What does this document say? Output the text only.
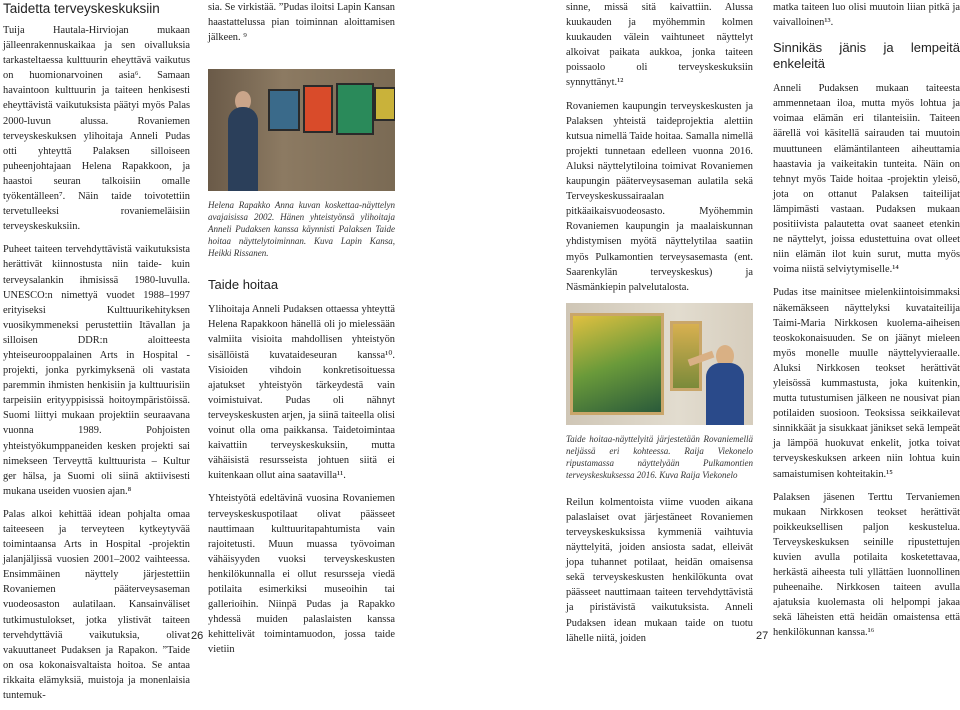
Taidetta terveyskeskuksiin

Tuija Hautala-Hirviojan mukaan jälleenrakennuskaikaa ja sen oivalluksia tarkasteltaessa kulttuurin eheyttävä vaikutus on huomionarvoinen asia⁶. Samaan havaintoon kulttuurin ja taiteen henkisesti eheyttävistä vaikutuksista päätyi myös Palas 2000-luvun alussa. Rovaniemen terveyskeskuksen ylihoitaja Anneli Pudas otti yhteyttä Palaksen silloiseen puheenjohtajaan Helena Rapakkoon, ja haastoi seuran talkoisiin omalle työkentälleen⁷. Näin taide toivotettiin tervetulleeksi rovaniemeläisiin terveyskeskuksiin.

Puheet taiteen tervehdyttävistä vaikutuksista herättivät kiinnostusta niin taide- kuin terveysalankin ihmisissä 1980-luvulla. UNESCO:n nimettyä vuodet 1988–1997 erityiseksi Kulttuurikehityksen vuosikymmeneksi perustettiin Itävallan ja silloisen DDR:n aloitteesta yhteiseurooppalainen Arts in Hospital -projekti, jonka pyrkimyksenä oli vastata paremmin ihmisten henkisiin ja kulttuurisiin tarpeisiin erityyppisissä hoitoympäristöissä. Suomi liittyi mukaan projektiin seuraavana vuonna 1989. Pohjoisten yhteistyökumppaneiden kesken projekti sai nimekseen Terveyttä kulttuurista – Kultur ger hälsa, ja Suomi oli siinä aktiivisesti mukana useiden vuosien ajan.⁸

Palas alkoi kehittää idean pohjalta omaa taiteeseen ja terveyteen kytkeytyvää toimintaansa Arts in Hospital -projektin jalanjäljissä vuosien 2001–2002 vaihteessa. Ensimmäinen näyttely järjestettiin Rovaniemen pääterveysaseman vuodeosaston aulatilaan. Kansainväliset tutkimustulokset, jotka ylistivät taiteen tervehdyttäviä vaikutuksia, olivat vakuuttaneet Pudaksen ja Rapakon. ”Taide on osa kokonaisvaltaista hoitoa. Se antaa rikkaita elämyksiä, muistoja ja monenlaisia tuntemuk-

sia. Se virkistää. ”Pudas iloitsi Lapin Kansan haastattelussa pian toiminnan aloittamisen jälkeen. ⁹

Helena Rapakko Anna kuvan koskettaa-näyttelyn avajaisissa 2002. Hänen yhteistyönsä ylihoitaja Anneli Pudaksen kanssa käynnisti Palaksen Taide hoitaa näyttelytoiminnan. Kuva Lapin Kansa, Heikki Rissanen.
Taide hoitaa

Ylihoitaja Anneli Pudaksen ottaessa yhteyttä Helena Rapakkoon hänellä oli jo mielessään valmiita visioita mahdollisen yhteistyön sisällöistä kuvataideseuran kanssa¹⁰. Visioiden vihdoin konkretisoituessa ajatukset yhteistyön tärkeydestä vain voimistuivat. Pudas oli nähnyt terveyskeskusten arjen, ja siinä taiteella olisi voinut olla oma paikkansa. Taidetoimintaa kaivattiin terveyskeskuksiin, mutta vähäisistä resursseista johtuen siitä ei kuitenkaan ollut aina saatavilla¹¹.

Yhteistyötä edeltävinä vuosina Rovaniemen terveyskeskuspotilaat olivat päässeet nauttimaan kulttuuritapahtumista vain rajoitetusti. Muun muassa työvoiman vähäisyyden vuoksi terveyskeskusten henkilökunnalla ei ollut resursseja viedä potilaita esimerkiksi museoihin tai gallerioihin. Niinpä Pudas ja Rapakko yhdessä muiden palaslaisten kanssa kehittelivät toimintamuodon, jossa taide vietiin

sinne, missä sitä kaivattiin. Alussa kuukauden ja myöhemmin kolmen kuukauden välein vaihtuneet näyttelyt alkoivat paikata aukkoa, jonka taiteen poissaolo oli terveyskeskuksiin synnyttänyt.¹²

Rovaniemen kaupungin terveyskeskusten ja Palaksen yhteistä taideprojektia alettiin kutsua nimellä Taide hoitaa. Samalla nimellä projekti tunnetaan edelleen vuonna 2016. Aluksi näyttelytiloina toimivat Rovaniemen kaupungin pääterveysaseman aulatila sekä Terveyskeskussairaalan pitkäaikaisvuodeosasto. Myöhemmin Rovaniemen kaupungin ja maalaiskunnan yhdistymisen myötä näyttelytilaa saatiin myös Pulkamontien terveysasemasta (ent. Saarenkylän terveyskeskus) ja Näsmänkiepin palvelutalosta.

Taide hoitaa-näyttelyitä järjestetään Rovaniemellä neljässä eri kohteessa. Raija Viekonelo ripustamassa näyttelyään Pulkamontien terveyskeskuksessa 2016. Kuva Raija Viekonelo

Reilun kolmentoista viime vuoden aikana palaslaiset ovat järjestäneet Rovaniemen terveyskeskuksissa kymmeniä vaihtuvia näyttelyitä, joiden ansiosta sadat, elleivät jopa tuhannet potilaat, heidän omaisensa sekä terveyskeskusten henkilökunta ovat päässeet nauttimaan taiteen tervehdyttävistä ja piristävistä vaikutuksista. Anneli Pudaksen idean mukaan taide on tuotu lähelle niitä, joiden

matka taiteen luo olisi muutoin liian pitkä ja vaivalloinen¹³.

Sinnikäs jänis ja lempeitä enkeleitä

Anneli Pudaksen mukaan taiteesta ammennetaan iloa, mutta myös lohtua ja voimaa elämän eri tilanteisiin. Taiteen äärellä voi käsitellä sairauden tai muutoin muuttuneen elämäntilanteen aiheuttamia haastavia ja vaikeitakin tunteita. Näin on tehnyt myös Taide hoitaa -projektin yleisö, jota on ottanut Palaksen taiteilijat lämpimästi vastaan. Pudaksen mukaan positiivista palautetta ovat saaneet etenkin ne näyttelyt, joissa edustettuina ovat olleet niin elämän ilot kuin surut, mutta myös voima niistä selviytymiselle.¹⁴

Pudas itse mainitsee mielenkiintoisimmaksi näkemäkseen näyttelyksi kuvataiteilija Taimi-Maria Nirkkosen kuolema-aiheisen teoskokonaisuuden. Se on jäänyt mieleen myös monelle muulle näyttelyvieraalle. Aluksi Nirkkosen teokset herättivät yleisössä kummastusta, joka kuitenkin, mutta tutustumisen jälkeen ne nousivat pian potilaiden suosioon. Teoksissa seikkailevat sinnikkäät ja sisukkaat jänikset sekä lempeät ja lämpöä huokuvat enkelit, jotka toivat terveyskeskuksen arkeen niin lohtua kuin samaistumisen kohteitakin.¹⁵

Palaksen jäsenen Terttu Tervaniemen mukaan Nirkkosen teokset herättivät poikkeuksellisen paljon keskustelua. Terveyskeskuksen seinille ripustettujen kuvien avulla potilaita kosketettavaa, herkästä aiheesta tuli yllättäen luonnollinen puheenaihe. Nirkkosen taiteen avulla ajatuksia kuolemasta oli helpompi jakaa sekä läheisten että heidän omaistensa että henkilökunnan kanssa.¹⁶

26	27
